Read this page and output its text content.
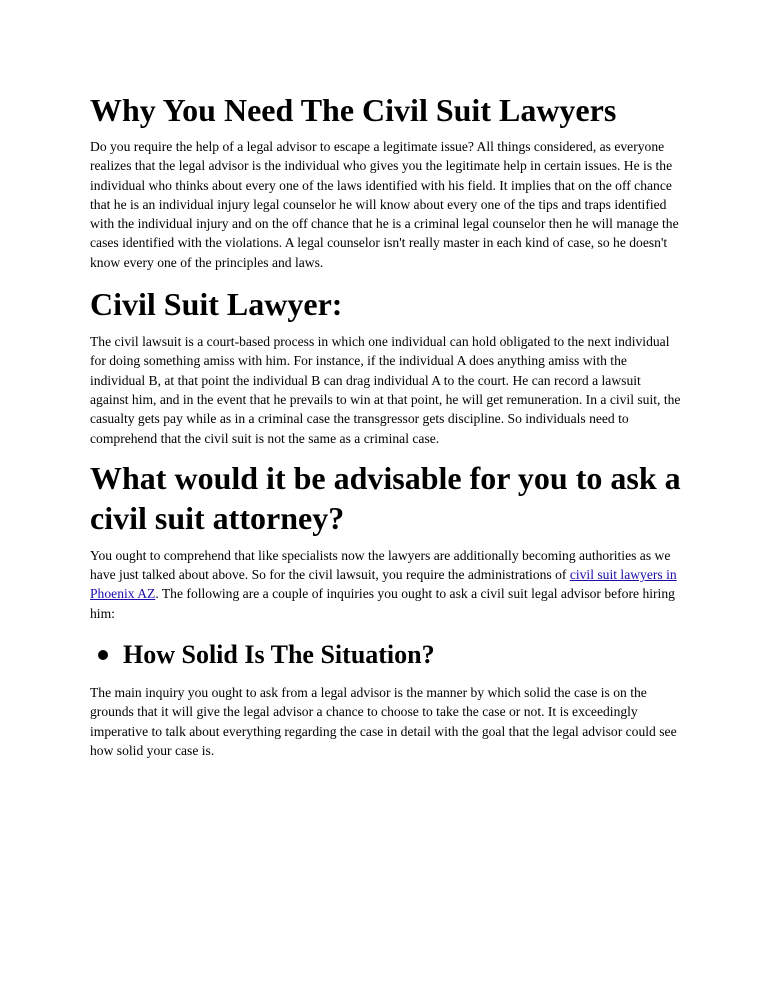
Why You Need The Civil Suit Lawyers

Do you require the help of a legal advisor to escape a legitimate issue? All things considered, as everyone realizes that the legal advisor is the individual who gives you the legitimate help in certain issues. He is the individual who thinks about every one of the laws identified with his field. It implies that on the off chance that he is an individual injury legal counselor he will know about every one of the tips and traps identified with the individual injury and on the off chance that he is a criminal legal counselor then he will manage the cases identified with the violations. A legal counselor isn't really master in each kind of case, so he doesn't know every one of the principles and laws.

Civil Suit Lawyer:

The civil lawsuit is a court-based process in which one individual can hold obligated to the next individual for doing something amiss with him. For instance, if the individual A does anything amiss with the individual B, at that point the individual B can drag individual A to the court. He can record a lawsuit against him, and in the event that he prevails to win at that point, he will get remuneration. In a civil suit, the casualty gets pay while as in a criminal case the transgressor gets discipline. So individuals need to comprehend that the civil suit is not the same as a criminal case.

What would it be advisable for you to ask a civil suit attorney?

You ought to comprehend that like specialists now the lawyers are additionally becoming authorities as we have just talked about above. So for the civil lawsuit, you require the administrations of civil suit lawyers in Phoenix AZ. The following are a couple of inquiries you ought to ask a civil suit legal advisor before hiring him:

How Solid Is The Situation?

The main inquiry you ought to ask from a legal advisor is the manner by which solid the case is on the grounds that it will give the legal advisor a chance to choose to take the case or not. It is exceedingly imperative to talk about everything regarding the case in detail with the goal that the legal advisor could see how solid your case is.
